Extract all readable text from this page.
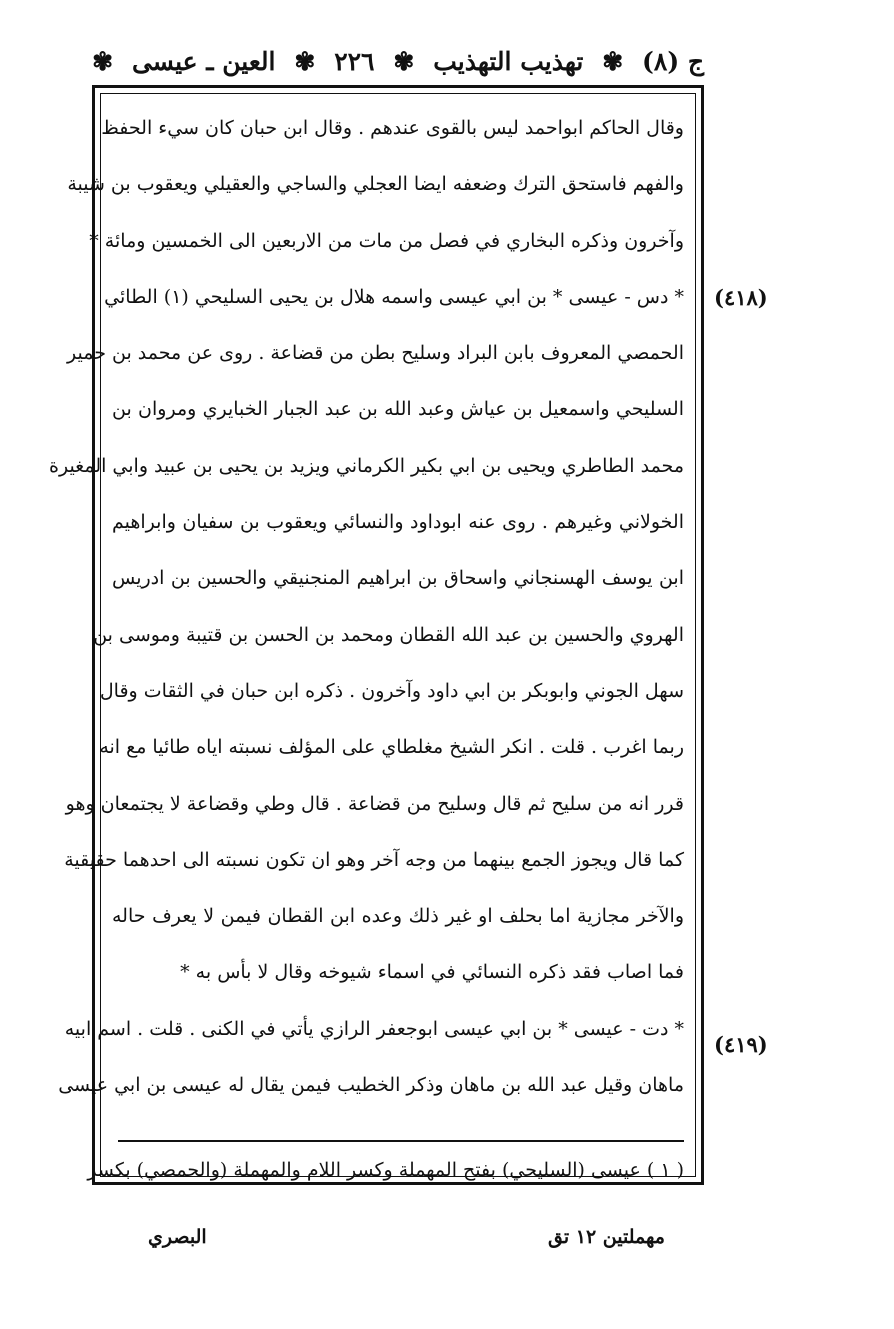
ج (٨)
✾
تهذيب التهذيب
✾
٢٢٦
✾
العين ـ عيسى
✾
وقال الحاكم ابواحمد ليس بالقوى عندهم . وقال ابن حبان كان سيء الحفظ
والفهم فاستحق الترك وضعفه ايضا العجلي والساجي والعقيلي ويعقوب بن شيبة
وآخرون وذكره البخاري في فصل من مات من الاربعين الى الخمسين ومائة *
* دس - عيسى * بن ابي عيسى واسمه هلال بن يحيى السليحي (١) الطائي
الحمصي المعروف بابن البراد وسليح بطن من قضاعة . روى عن محمد بن حمير
السليحي واسمعيل بن عياش وعبد الله بن عبد الجبار الخبايري ومروان بن
محمد الطاطري ويحيى بن ابي بكير الكرماني ويزيد بن يحيى بن عبيد وابي المغيرة
الخولاني وغيرهم . روى عنه ابوداود والنسائي ويعقوب بن سفيان وابراهيم
ابن يوسف الهسنجاني واسحاق بن ابراهيم المنجنيقي والحسين بن ادريس
الهروي والحسين بن عبد الله القطان ومحمد بن الحسن بن قتيبة وموسى بن
سهل الجوني وابوبكر بن ابي داود وآخرون . ذكره ابن حبان في الثقات وقال
ربما اغرب . قلت . انكر الشيخ مغلطاي على المؤلف نسبته اياه طائيا مع انه
قرر انه من سليح ثم قال وسليح من قضاعة . قال وطي وقضاعة لا يجتمعان وهو
كما قال ويجوز الجمع بينهما من وجه آخر وهو ان تكون نسبته الى احدهما حقيقية
والآخر مجازية اما بحلف او غير ذلك وعده ابن القطان فيمن لا يعرف حاله
فما اصاب فقد ذكره النسائي في اسماء شيوخه وقال لا بأس به *
* دت - عيسى * بن ابي عيسى ابوجعفر الرازي يأتي في الكنى . قلت . اسم ابيه
ماهان وقيل عبد الله بن ماهان وذكر الخطيب فيمن يقال له عيسى بن ابي عيسى
(٤١٨)
(٤١٩)
( ١ ) عيسى (السليحي) بفتح المهملة وكسر اللام والمهملة (والحمصي) بكسر
مهملتين ١٢ تق
البصري
